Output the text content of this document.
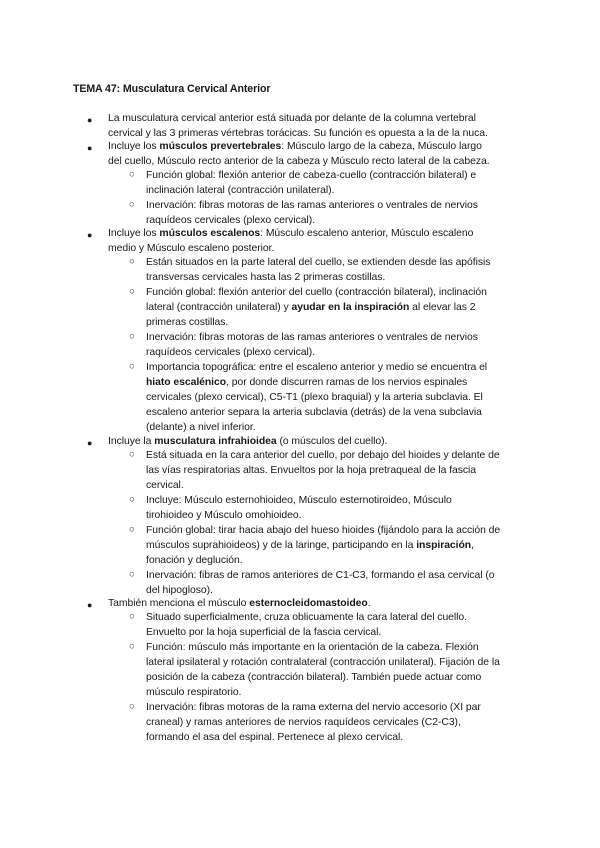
TEMA 47: Musculatura Cervical Anterior
● La musculatura cervical anterior está situada por delante de la columna vertebral
cervical y las 3 primeras vértebras torácicas. Su función es opuesta a la de la nuca.
● Incluye los músculos prevertebrales: Músculo largo de la cabeza, Músculo largo
del cuello, Músculo recto anterior de la cabeza y Músculo recto lateral de la cabeza.
○ Función global: flexión anterior de cabeza-cuello (contracción bilateral) e
inclinación lateral (contracción unilateral).
○ Inervación: fibras motoras de las ramas anteriores o ventrales de nervios
raquídeos cervicales (plexo cervical).
● Incluye los músculos escalenos: Músculo escaleno anterior, Músculo escaleno
medio y Músculo escaleno posterior.
○ Están situados en la parte lateral del cuello, se extienden desde las apófisis
transversas cervicales hasta las 2 primeras costillas.
○ Función global: flexión anterior del cuello (contracción bilateral), inclinación
lateral (contracción unilateral) y ayudar en la inspiración al elevar las 2
primeras costillas.
○ Inervación: fibras motoras de las ramas anteriores o ventrales de nervios
raquídeos cervicales (plexo cervical).
○ Importancia topográfica: entre el escaleno anterior y medio se encuentra el
hiato escalénico, por donde discurren ramas de los nervios espinales
cervicales (plexo cervical), C5-T1 (plexo braquial) y la arteria subclavia. El
escaleno anterior separa la arteria subclavia (detrás) de la vena subclavia
(delante) a nivel inferior.
● Incluye la musculatura infrahioidea (o músculos del cuello).
○ Está situada en la cara anterior del cuello, por debajo del hioides y delante de
las vías respiratorias altas. Envueltos por la hoja pretraqueal de la fascia
cervical.
○ Incluye: Músculo esternohioideo, Músculo esternotiroideo, Músculo
tirohioideo y Músculo omohioideo.
○ Función global: tirar hacia abajo del hueso hioides (fijándolo para la acción de
músculos suprahioideos) y de la laringe, participando en la inspiración,
fonación y deglución.
○ Inervación: fibras de ramos anteriores de C1-C3, formando el asa cervical (o
del hipogloso).
● También menciona el músculo esternocleidomastoideo.
○ Situado superficialmente, cruza oblicuamente la cara lateral del cuello.
Envuelto por la hoja superficial de la fascia cervical.
○ Función: músculo más importante en la orientación de la cabeza. Flexión
lateral ipsilateral y rotación contralateral (contracción unilateral). Fijación de la
posición de la cabeza (contracción bilateral). También puede actuar como
músculo respiratorio.
○ Inervación: fibras motoras de la rama externa del nervio accesorio (XI par
craneal) y ramas anteriores de nervios raquídeos cervicales (C2-C3),
formando el asa del espinal. Pertenece al plexo cervical.
